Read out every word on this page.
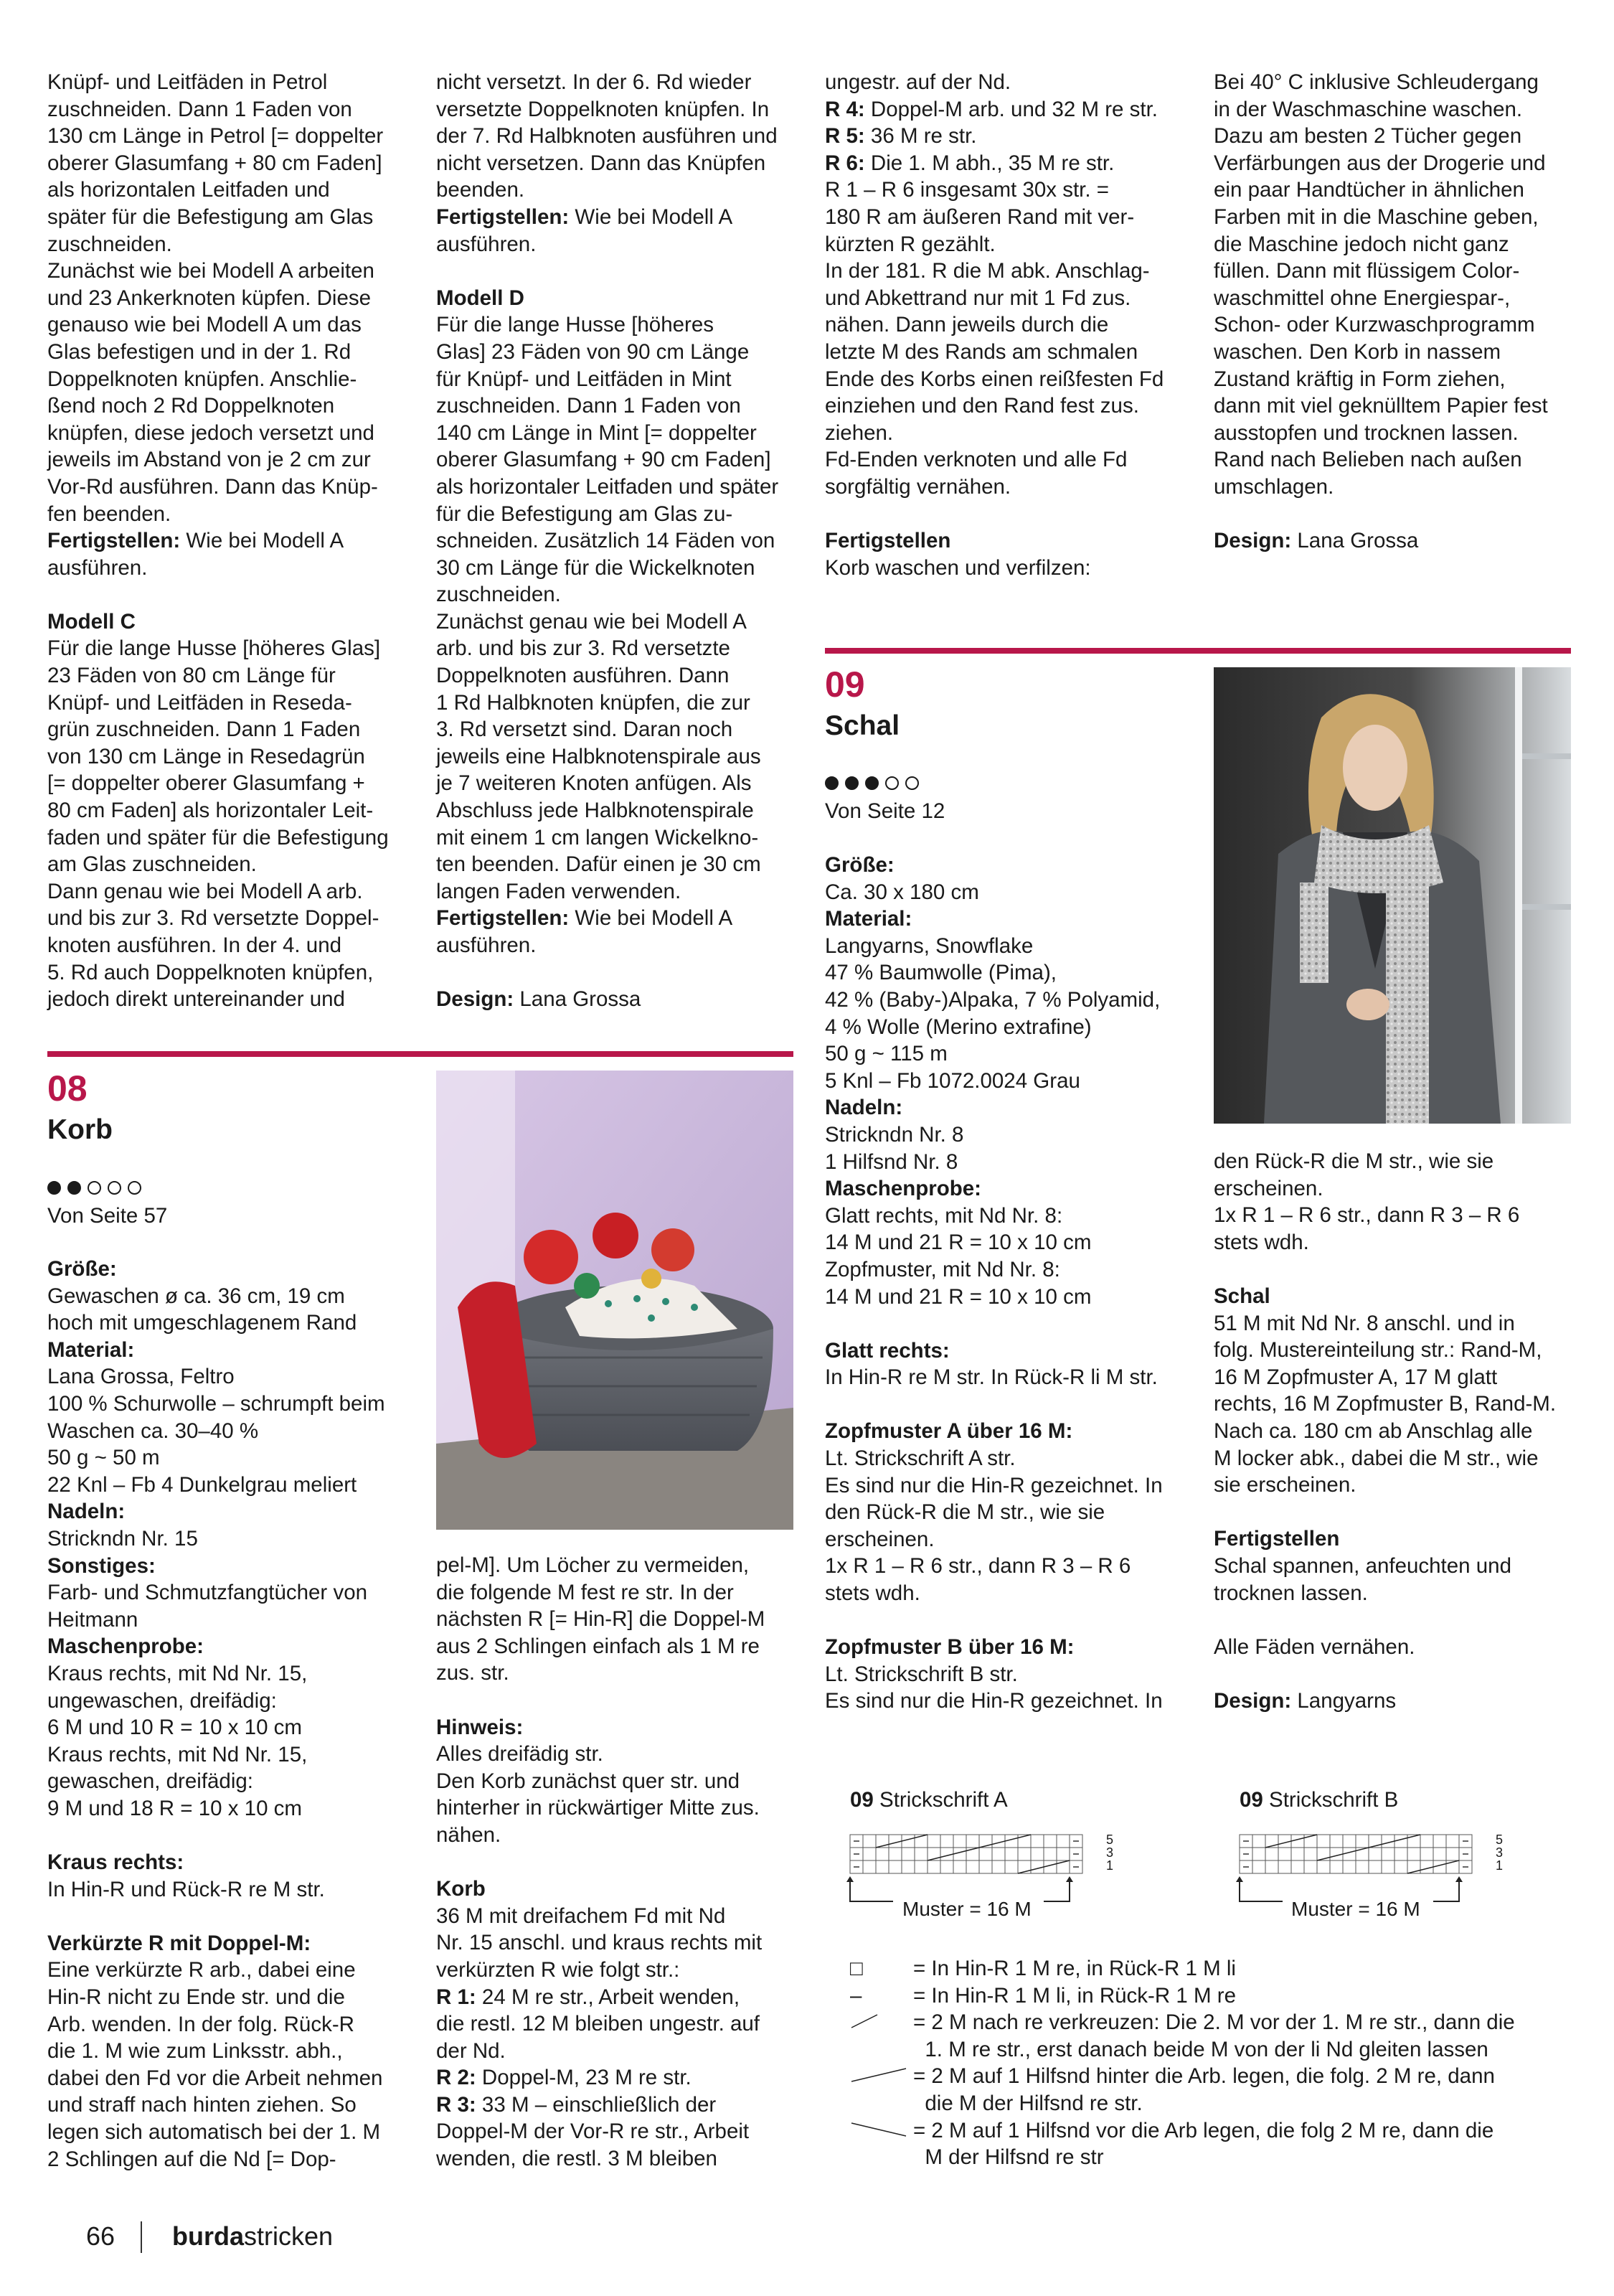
Knüpf- und Leitfäden in Petrol
zuschneiden. Dann 1 Faden von
130 cm Länge in Petrol [= doppelter
oberer Glasumfang + 80 cm Faden]
als horizontalen Leitfaden und
später für die Befestigung am Glas
zuschneiden.
Zunächst wie bei Modell A arbeiten
und 23 Ankerknoten küpfen. Diese
genauso wie bei Modell A um das
Glas befestigen und in der 1. Rd
Doppelknoten knüpfen. Anschlie-
ßend noch 2 Rd Doppelknoten
knüpfen, diese jedoch versetzt und
jeweils im Abstand von je 2 cm zur
Vor-Rd ausführen. Dann das Knüp-
fen beenden.
Fertigstellen: Wie bei Modell A
ausführen.
Modell C
Für die lange Husse [höheres Glas]
23 Fäden von 80 cm Länge für
Knüpf- und Leitfäden in Reseda-
grün zuschneiden. Dann 1 Faden
von 130 cm Länge in Resedagrün
[= doppelter oberer Glasumfang +
80 cm Faden] als horizontaler Leit-
faden und später für die Befestigung
am Glas zuschneiden.
Dann genau wie bei Modell A arb.
und bis zur 3. Rd versetzte Doppel-
knoten ausführen. In der 4. und
5. Rd auch Doppelknoten knüpfen,
jedoch direkt untereinander und
nicht versetzt. In der 6. Rd wieder
versetzte Doppelknoten knüpfen. In
der 7. Rd Halbknoten ausführen und
nicht versetzen. Dann das Knüpfen
beenden.
Fertigstellen: Wie bei Modell A
ausführen.
Modell D
Für die lange Husse [höheres
Glas] 23 Fäden von 90 cm Länge
für Knüpf- und Leitfäden in Mint
zuschneiden. Dann 1 Faden von
140 cm Länge in Mint [= doppelter
oberer Glasumfang + 90 cm Faden]
als horizontaler Leitfaden und später
für die Befestigung am Glas zu-
schneiden. Zusätzlich 14 Fäden von
30 cm Länge für die Wickelknoten
zuschneiden.
Zunächst genau wie bei Modell A
arb. und bis zur 3. Rd versetzte
Doppelknoten ausführen. Dann
1 Rd Halbknoten knüpfen, die zur
3. Rd versetzt sind. Daran noch
jeweils eine Halbknotenspirale aus
je 7 weiteren Knoten anfügen. Als
Abschluss jede Halbknotenspirale
mit einem 1 cm langen Wickelkno-
ten beenden. Dafür einen je 30 cm
langen Faden verwenden.
Fertigstellen: Wie bei Modell A
ausführen.
Design: Lana Grossa
ungestr. auf der Nd.
R 4: Doppel-M arb. und 32 M re str.
R 5: 36 M re str.
R 6: Die 1. M abh., 35 M re str.
R 1 – R 6 insgesamt 30x str. =
180 R am äußeren Rand mit ver-
kürzten R gezählt.
In der 181. R die M abk. Anschlag-
und Abkettrand nur mit 1 Fd zus.
nähen. Dann jeweils durch die
letzte M des Rands am schmalen
Ende des Korbs einen reißfesten Fd
einziehen und den Rand fest zus.
ziehen.
Fd-Enden verknoten und alle Fd
sorgfältig vernähen.
Fertigstellen
Korb waschen und verfilzen:
Bei 40° C inklusive Schleudergang
in der Waschmaschine waschen.
Dazu am besten 2 Tücher gegen
Verfärbungen aus der Drogerie und
ein paar Handtücher in ähnlichen
Farben mit in die Maschine geben,
die Maschine jedoch nicht ganz
füllen. Dann mit flüssigem Color-
waschmittel ohne Energiespar-,
Schon- oder Kurzwaschprogramm
waschen. Den Korb in nassem
Zustand kräftig in Form ziehen,
dann mit viel geknülltem Papier fest
ausstopfen und trocknen lassen.
Rand nach Belieben nach außen
umschlagen.
Design: Lana Grossa
09
Schal
Von Seite 12
Größe:
Ca. 30 x 180 cm
Material:
Langyarns, Snowflake
47 % Baumwolle (Pima),
42 % (Baby-)Alpaka, 7 % Polyamid,
4 % Wolle (Merino extrafine)
50 g ~ 115 m
5 Knl – Fb 1072.0024 Grau
Nadeln:
Strickndn Nr. 8
1 Hilfsnd Nr. 8
Maschenprobe:
Glatt rechts, mit Nd Nr. 8:
14 M und 21 R = 10 x 10 cm
Zopfmuster, mit Nd Nr. 8:
14 M und 21 R = 10 x 10 cm
Glatt rechts:
In Hin-R re M str. In Rück-R li M str.
Zopfmuster A über 16 M:
Lt. Strickschrift A str.
Es sind nur die Hin-R gezeichnet. In
den Rück-R die M str., wie sie
erscheinen.
1x R 1 – R 6 str., dann R 3 – R 6
stets wdh.
Zopfmuster B über 16 M:
Lt. Strickschrift B str.
Es sind nur die Hin-R gezeichnet. In
den Rück-R die M str., wie sie
erscheinen.
1x R 1 – R 6 str., dann R 3 – R 6
stets wdh.
Schal
51 M mit Nd Nr. 8 anschl. und in
folg. Mustereinteilung str.: Rand-M,
16 M Zopfmuster A, 17 M glatt
rechts, 16 M Zopfmuster B, Rand-M.
Nach ca. 180 cm ab Anschlag alle
M locker abk., dabei die M str., wie
sie erscheinen.
Fertigstellen
Schal spannen, anfeuchten und
trocknen lassen.
Alle Fäden vernähen.
Design: Langyarns
08
Korb
Von Seite 57
Größe:
Gewaschen ø ca. 36 cm, 19 cm
hoch mit umgeschlagenem Rand
Material:
Lana Grossa, Feltro
100 % Schurwolle – schrumpft beim
Waschen ca. 30–40 %
50 g ~ 50 m
22 Knl – Fb 4 Dunkelgrau meliert
Nadeln:
Strickndn Nr. 15
Sonstiges:
Farb- und Schmutzfangtücher von
Heitmann
Maschenprobe:
Kraus rechts, mit Nd Nr. 15,
ungewaschen, dreifädig:
6 M und 10 R = 10 x 10 cm
Kraus rechts, mit Nd Nr. 15,
gewaschen, dreifädig:
9 M und 18 R = 10 x 10 cm
Kraus rechts:
In Hin-R und Rück-R re M str.
Verkürzte R mit Doppel-M:
Eine verkürzte R arb., dabei eine
Hin-R nicht zu Ende str. und die
Arb. wenden. In der folg. Rück-R
die 1. M wie zum Linksstr. abh.,
dabei den Fd vor die Arbeit nehmen
und straff nach hinten ziehen. So
legen sich automatisch bei der 1. M
2 Schlingen auf die Nd [= Dop-
pel-M]. Um Löcher zu vermeiden,
die folgende M fest re str. In der
nächsten R [= Hin-R] die Doppel-M
aus 2 Schlingen einfach als 1 M re
zus. str.
Hinweis:
Alles dreifädig str.
Den Korb zunächst quer str. und
hinterher in rückwärtiger Mitte zus.
nähen.
Korb
36 M mit dreifachem Fd mit Nd
Nr. 15 anschl. und kraus rechts mit
verkürzten R wie folgt str.:
R 1: 24 M re str., Arbeit wenden,
die restl. 12 M bleiben ungestr. auf
der Nd.
R 2: Doppel-M, 23 M re str.
R 3: 33 M – einschließlich der
Doppel-M der Vor-R re str., Arbeit
wenden, die restl. 3 M bleiben
09 Strickschrift A	09 Strickschrift B
5
3
1
5
3
1
Muster = 16 M	Muster = 16 M
□	= In Hin-R 1 M re, in Rück-R 1 M li
–	= In Hin-R 1 M li, in Rück-R 1 M re
= 2 M nach re verkreuzen: Die 2. M vor der 1. M re str., dann die
1. M re str., erst danach beide M von der li Nd gleiten lassen
= 2 M auf 1 Hilfsnd hinter die Arb. legen, die folg. 2 M re, dann
die M der Hilfsnd re str.
= 2 M auf 1 Hilfsnd vor die Arb legen, die folg 2 M re, dann die
M der Hilfsnd re str
66 burdastricken
